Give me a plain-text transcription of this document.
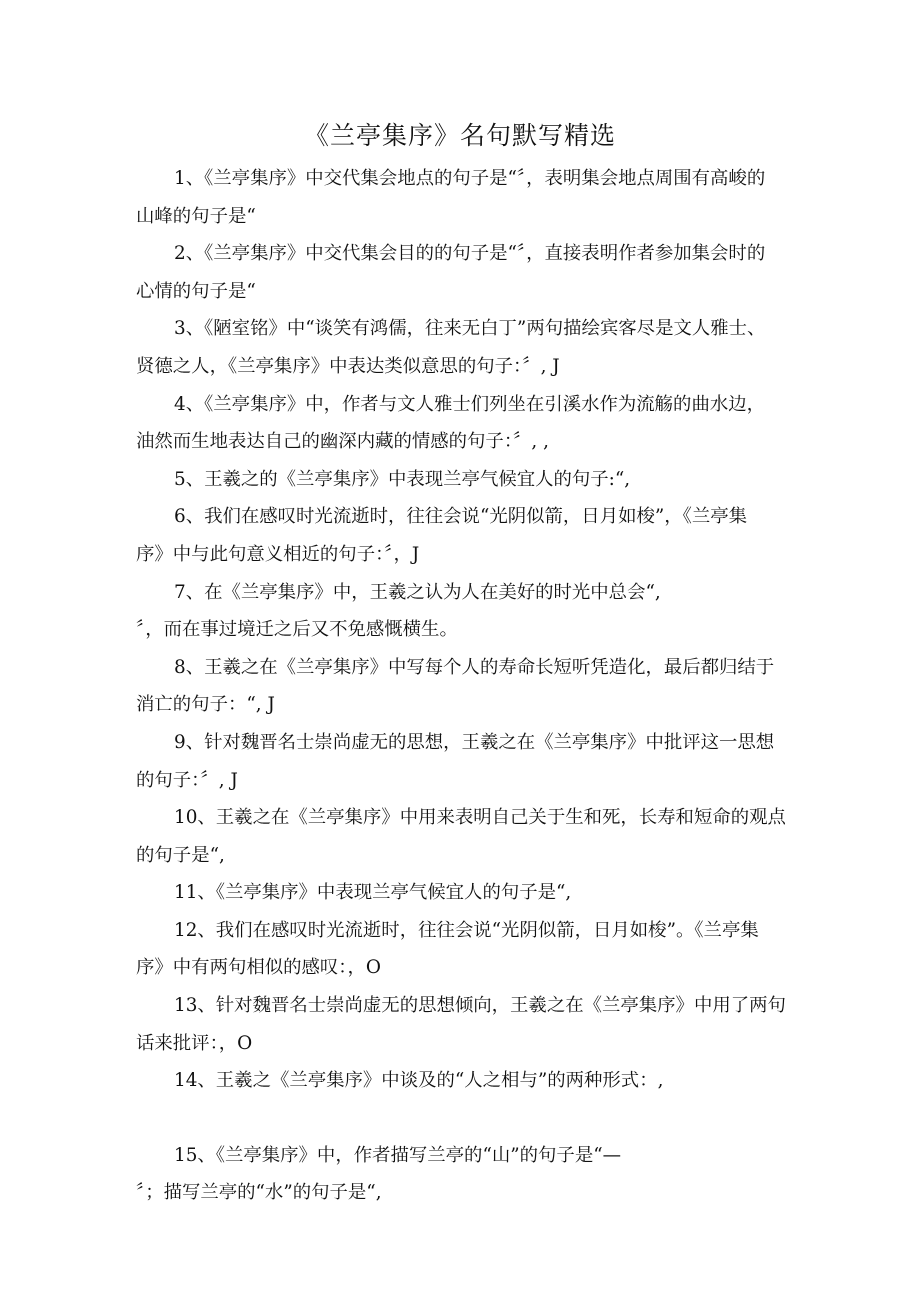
《兰亭集序》名句默写精选

1、《兰亭集序》中交代集会地点的句子是“〞，表明集会地点周围有高峻的
山峰的句子是“

2、《兰亭集序》中交代集会目的的句子是“〞，直接表明作者参加集会时的
心情的句子是“

3、《陋室铭》中“谈笑有鸿儒，往来无白丁”两句描绘宾客尽是文人雅士、
贤德之人，《兰亭集序》中表达类似意思的句子：〞, J

4、《兰亭集序》中，作者与文人雅士们列坐在引溪水作为流觞的曲水边，
油然而生地表达自己的幽深内藏的情感的句子：〞, ,

5、王羲之的《兰亭集序》中表现兰亭气候宜人的句子:“,

6、我们在感叹时光流逝时，往往会说“光阴似箭，日月如梭”，《兰亭集
序》中与此句意义相近的句子：〞，J

7、在《兰亭集序》中，王羲之认为人在美好的时光中总会“,
〞，而在事过境迁之后又不免感慨横生。

8、王羲之在《兰亭集序》中写每个人的寿命长短听凭造化，最后都归结于
消亡的句子：“, J

9、针对魏晋名士崇尚虚无的思想，王羲之在《兰亭集序》中批评这一思想
的句子：〞, J

10、王羲之在《兰亭集序》中用来表明自己关于生和死，长寿和短命的观点
的句子是“,

11、《兰亭集序》中表现兰亭气候宜人的句子是“,

12、我们在感叹时光流逝时，往往会说“光阴似箭，日月如梭”。《兰亭集
序》中有两句相似的感叹：，O

13、针对魏晋名士崇尚虚无的思想倾向，王羲之在《兰亭集序》中用了两句
话来批评：，O

14、王羲之《兰亭集序》中谈及的“人之相与”的两种形式：,

15、《兰亭集序》中，作者描写兰亭的“山”的句子是“—
〞；描写兰亭的“水”的句子是“,
